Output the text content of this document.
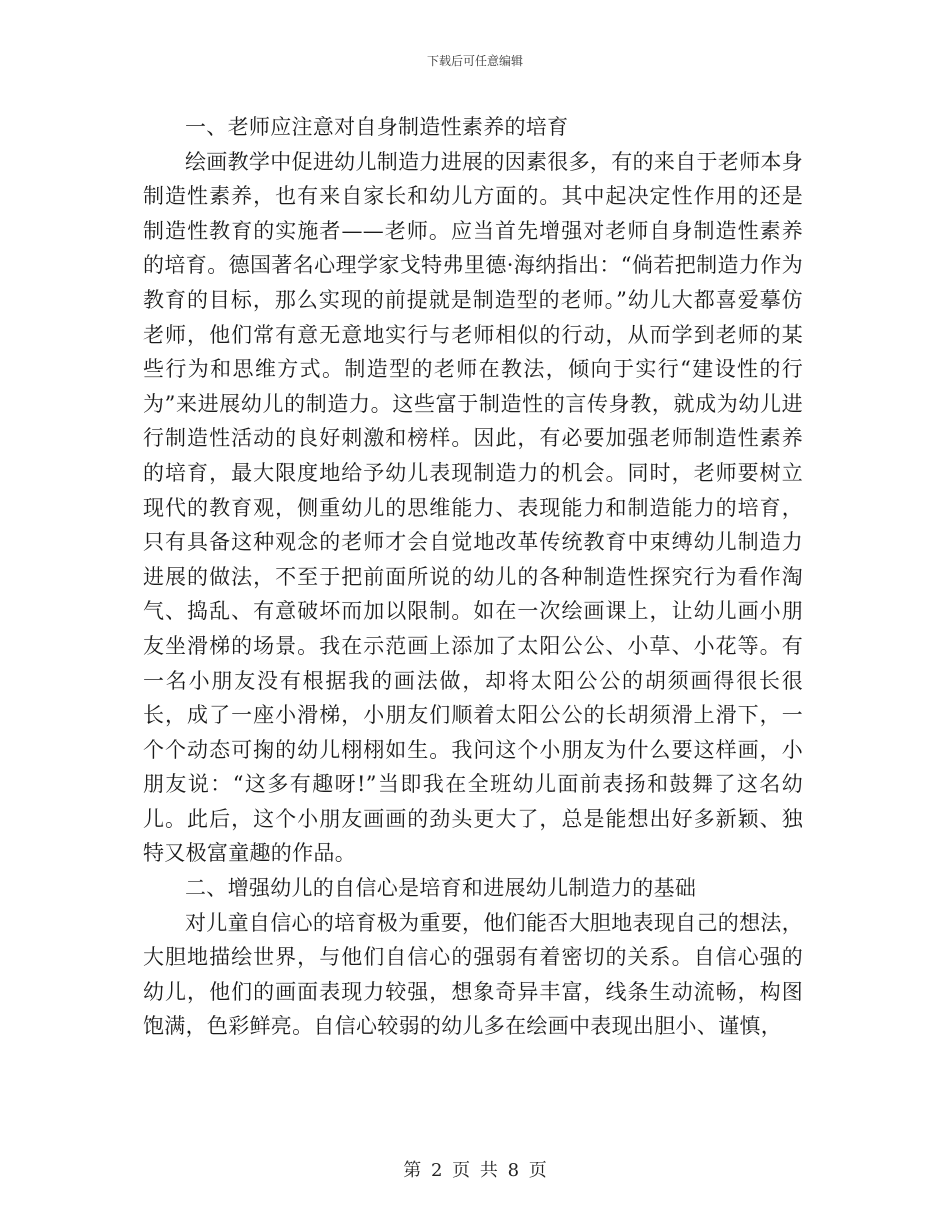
下载后可任意编辑

一、老师应注意对自身制造性素养的培育

绘画教学中促进幼儿制造力进展的因素很多，有的来自于老师本身制造性素养，也有来自家长和幼儿方面的。其中起决定性作用的还是制造性教育的实施者——老师。应当首先增强对老师自身制造性素养的培育。德国著名心理学家戈特弗里德·海纳指出：“倘若把制造力作为教育的目标，那么实现的前提就是制造型的老师。”幼儿大都喜爱摹仿老师，他们常有意无意地实行与老师相似的行动，从而学到老师的某些行为和思维方式。制造型的老师在教法，倾向于实行“建设性的行为”来进展幼儿的制造力。这些富于制造性的言传身教，就成为幼儿进行制造性活动的良好刺激和榜样。因此，有必要加强老师制造性素养的培育，最大限度地给予幼儿表现制造力的机会。同时，老师要树立现代的教育观，侧重幼儿的思维能力、表现能力和制造能力的培育，只有具备这种观念的老师才会自觉地改革传统教育中束缚幼儿制造力进展的做法，不至于把前面所说的幼儿的各种制造性探究行为看作淘气、捣乱、有意破坏而加以限制。如在一次绘画课上，让幼儿画小朋友坐滑梯的场景。我在示范画上添加了太阳公公、小草、小花等。有一名小朋友没有根据我的画法做，却将太阳公公的胡须画得很长很长，成了一座小滑梯，小朋友们顺着太阳公公的长胡须滑上滑下，一个个动态可掬的幼儿栩栩如生。我问这个小朋友为什么要这样画，小朋友说：“这多有趣呀!”当即我在全班幼儿面前表扬和鼓舞了这名幼儿。此后，这个小朋友画画的劲头更大了，总是能想出好多新颖、独特又极富童趣的作品。

二、增强幼儿的自信心是培育和进展幼儿制造力的基础

对儿童自信心的培育极为重要，他们能否大胆地表现自己的想法，大胆地描绘世界，与他们自信心的强弱有着密切的关系。自信心强的幼儿，他们的画面表现力较强，想象奇异丰富，线条生动流畅，构图饱满，色彩鲜亮。自信心较弱的幼儿多在绘画中表现出胆小、谨慎，

第 2 页 共 8 页
